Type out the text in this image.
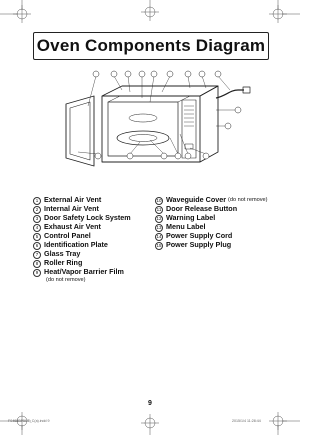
Oven Components Diagram
1 External Air Vent
2 Internal Air Vent
3 Door Safety Lock System
4 Exhaust Air Vent
5 Control Panel
6 Identification Plate
7 Glass Tray
8 Roller Ring
9 Heat/Vapor Barrier Film
(do not remove)
10 Waveguide Cover (do not remove)
11 Door Release Button
12 Warning Label
13 Menu Label
14 Power Supply Cord
15 Power Supply Plug
9
F0403BP5UT_C(a).indd 9	2015/1/4 11:28:44
